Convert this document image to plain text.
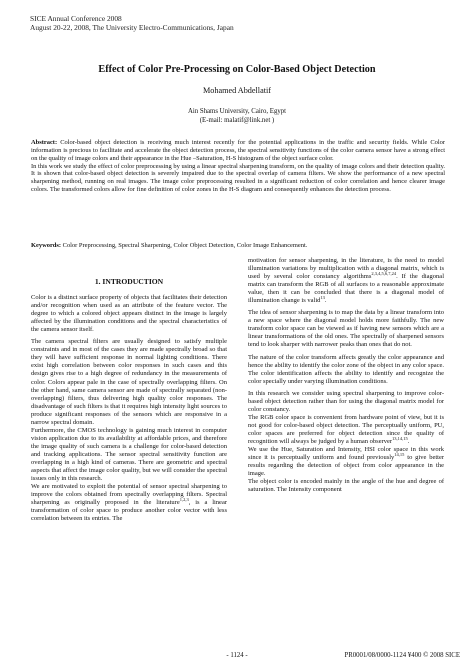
SICE Annual Conference 2008
August 20-22, 2008, The University Electro-Communications, Japan
Effect of Color Pre-Processing on Color-Based Object Detection
Mohamed Abdellatif
Ain Shams University, Cairo, Egypt
(E-mail: malatif@link.net )

Abstract: Color-based object detection is receiving much interest recently for the potential applications in the traffic and security fields. While Color information is precious to facilitate and accelerate the object detection process, the spectral sensitivity functions of the color camera sensor have a strong effect on the quality of image colors and their appearance in the Hue –Saturation, H-S histogram of the object surface color.

In this work we study the effect of color preprocessing by using a linear spectral sharpening transform, on the quality of image colors and their detection quality. It is shown that color-based object detection is severely impaired due to the spectral overlap of camera filters. We show the performance of a new spectral sharpening method, running on real images. The image color preprocessing resulted in a significant reduction of color correlation and hence clearer image colors. The transformed colors allow for fine definition of color zones in the H-S diagram and consequently enhances the detection process.

Keywords: Color Preprocessing, Spectral Sharpening, Color Object Detection, Color Image Enhancement.
1. INTRODUCTION

Color is a distinct surface property of objects that facilitates their detection and/or recognition when used as an attribute of the feature vector. The degree to which a colored object appears distinct in the image is largely affected by the illumination conditions and the spectral characteristics of the camera sensor itself.

The camera spectral filters are usually designed to satisfy multiple constraints and in most of the cases they are made spectrally broad so that they will have sufficient response in normal lighting conditions. There exist high correlation between color responses in such cases and this design gives rise to a high degree of redundancy in the measurements of color. Colors appear pale in the case of spectrally overlapping filters. On the other hand, same camera sensor are made of spectrally separated (non-overlapping) filters, thus delivering high quality color responses. The disadvantage of such filters is that it requires high intensity light sources to produce significant responses of the sensors which are responsive in a narrow spectral domain.

Furthermore, the CMOS technology is gaining much interest in computer vision application due to its availability at affordable prices, and therefore the image quality of such camera is a challenge for color-based detection and tracking applications. The sensor spectral sensitivity function are overlapping in a high kind of cameras. There are geometric and spectral aspects that affect the image color quality, but we will consider the spectral issues only in this research.

We are motivated to exploit the potential of sensor spectral sharpening to improve the colors obtained from spectrally overlapping filters. Spectral sharpening as originally proposed in the literature$^{1,2,3}$, is a linear transformation of color space to produce another color vector with less correlation between its entries. The

motivation for sensor sharpening, in the literature, is the need to model illumination variations by multiplication with a diagonal matrix, which is used by several color constancy algorithms$^{2,3,4,5,6,7,24}$. If the diagonal matrix can transform the RGB of all surfaces to a reasonable approximate value, then it can be concluded that there is a diagonal model of illumination change is valid$^{13}$.

The idea of sensor sharpening is to map the data by a linear transform into a new space where the diagonal model holds more faithfully. The new transform color space can be viewed as if having new sensors which are a linear transformations of the old ones. The spectrally of sharpened sensors tend to look sharper with narrower peaks than ones that do not.

The nature of the color transform affects greatly the color appearance and hence the ability to identify the color zone of the object in any color space. The color identification affects the ability to identify and recognize the color specially under varying illumination conditions.

In this research we consider using spectral sharpening to improve color-based object detection rather than for using the diagonal matrix model for color constancy.

The RGB color space is convenient from hardware point of view, but it is not good for color-based object detection. The perceptually uniform, PU, color spaces are preferred for object detection since the quality of recognition will always be judged by a human observer$^{13,14,15}$.

We use the Hue, Saturation and Intensity, HSI color space in this work since it is perceptually uniform and found previously$^{14,15}$ to give better results regarding the detection of object from color appearance in the image.

The object color is encoded mainly in the angle of the hue and degree of saturation. The Intensity component

- 1124 -	PR0001/08/0000-1124 ¥400 © 2008 SICE
